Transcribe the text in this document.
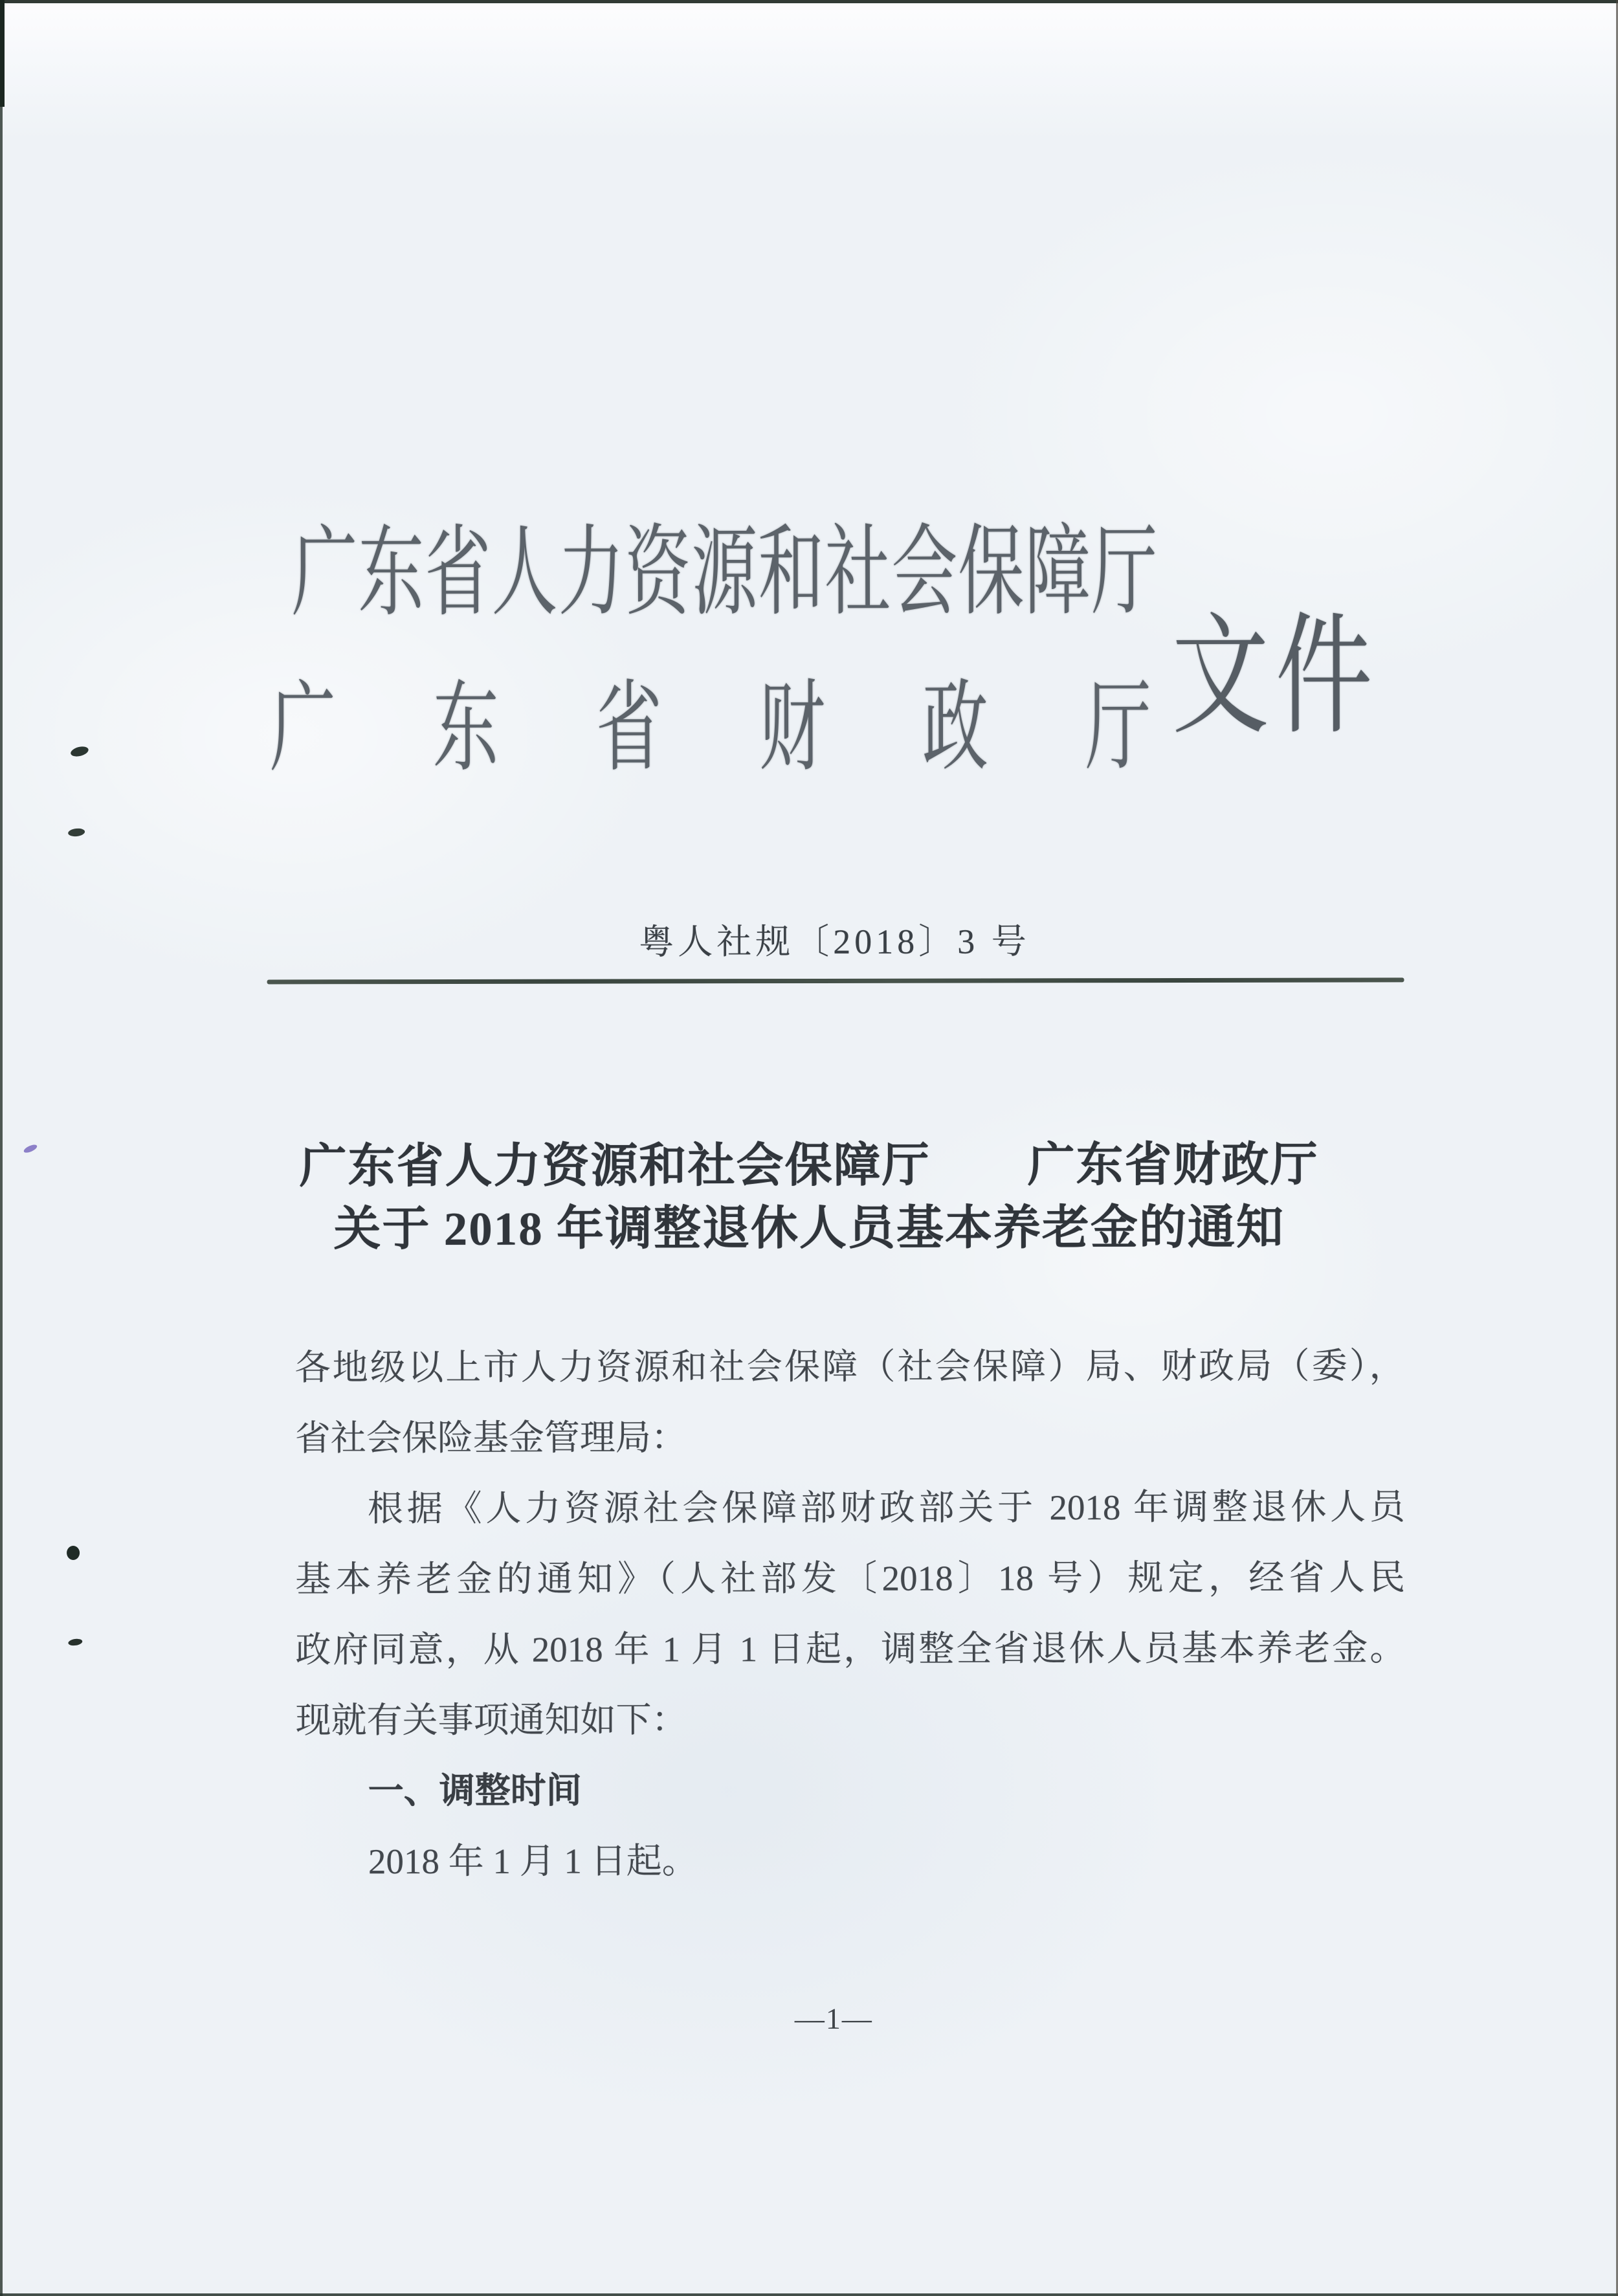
广东省人力资源和社会保障厅
广东省财政厅
文件
粤人社规〔2018〕3 号
广东省人力资源和社会保障厅　　广东省财政厅
关于 2018 年调整退休人员基本养老金的通知
各地级以上市人力资源和社会保障（社会保障）局、财政局（委），
省社会保险基金管理局：
根据《人力资源社会保障部财政部关于 2018 年调整退休人员
基本养老金的通知》（人社部发〔2018〕18 号）规定，经省人民
政府同意，从 2018 年 1 月 1 日起，调整全省退休人员基本养老金。
现就有关事项通知如下：
一、调整时间
2018 年 1 月 1 日起。
—1—
